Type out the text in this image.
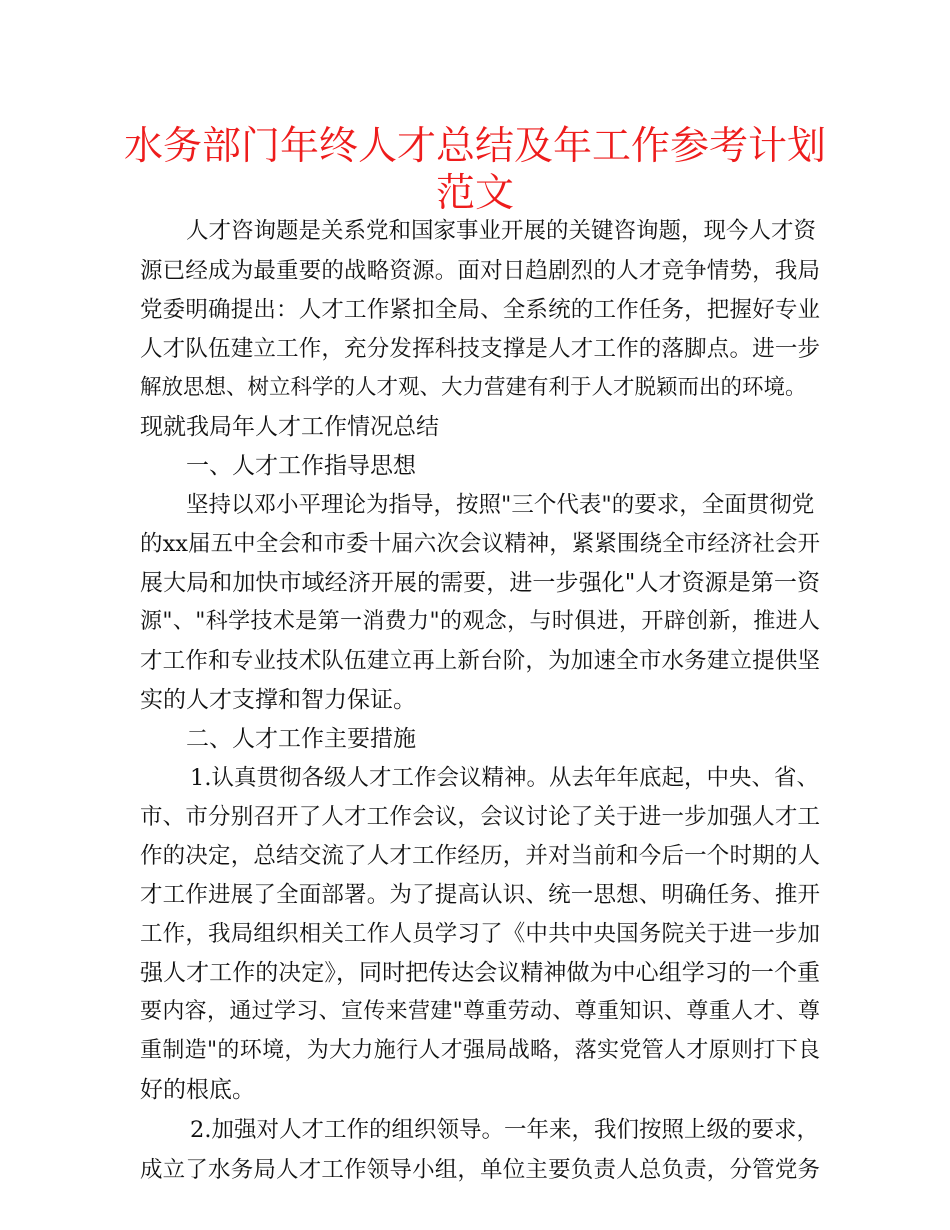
水务部门年终人才总结及年工作参考计划
范文

人才咨询题是关系党和国家事业开展的关键咨询题，现今人才资

源已经成为最重要的战略资源。面对日趋剧烈的人才竞争情势，我局

党委明确提出：人才工作紧扣全局、全系统的工作任务，把握好专业

人才队伍建立工作，充分发挥科技支撑是人才工作的落脚点。进一步

解放思想、树立科学的人才观、大力营建有利于人才脱颖而出的环境。

现就我局年人才工作情况总结

一、人才工作指导思想

坚持以邓小平理论为指导，按照"三个代表"的要求，全面贯彻党

的xx届五中全会和市委十届六次会议精神，紧紧围绕全市经济社会开

展大局和加快市域经济开展的需要，进一步强化"人才资源是第一资

源"、"科学技术是第一消费力"的观念，与时俱进，开辟创新，推进人

才工作和专业技术队伍建立再上新台阶，为加速全市水务建立提供坚

实的人才支撑和智力保证。

二、人才工作主要措施

1.认真贯彻各级人才工作会议精神。从去年年底起，中央、省、

市、市分别召开了人才工作会议，会议讨论了关于进一步加强人才工

作的决定，总结交流了人才工作经历，并对当前和今后一个时期的人

才工作进展了全面部署。为了提高认识、统一思想、明确任务、推开

工作，我局组织相关工作人员学习了《中共中央国务院关于进一步加

强人才工作的决定》，同时把传达会议精神做为中心组学习的一个重

要内容，通过学习、宣传来营建"尊重劳动、尊重知识、尊重人才、尊

重制造"的环境，为大力施行人才强局战略，落实党管人才原则打下良

好的根底。

2.加强对人才工作的组织领导。一年来，我们按照上级的要求，

成立了水务局人才工作领导小组，单位主要负责人总负责，分管党务
